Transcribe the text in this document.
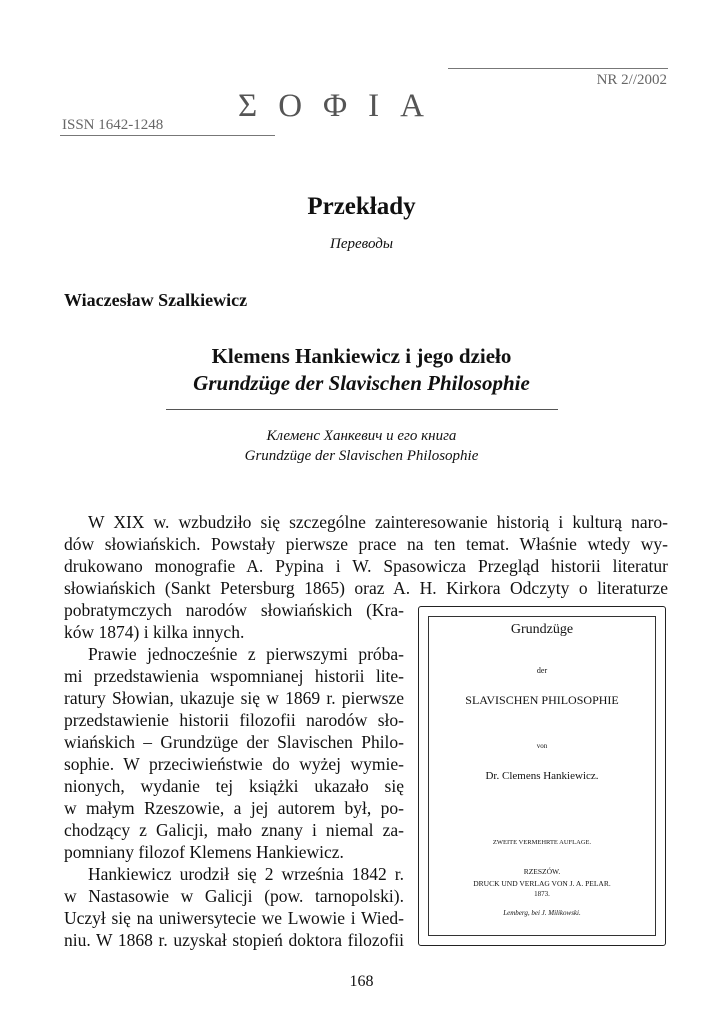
NR 2//2002
ΣΟΦΙΑ
ISSN 1642-1248
Przekłady
Переводы
Wiaczesław Szalkiewicz
Klemens Hankiewicz i jego dzieło
Grundzüge der Slavischen Philosophie
Клеменс Ханкевич и его книга
Grundzüge der Slavischen Philosophie
W XIX w. wzbudziło się szczególne zainteresowanie historią i kulturą naro-
dów słowiańskich. Powstały pierwsze prace na ten temat. Właśnie wtedy wy-
drukowano monografie A. Pypina i W. Spasowicza Przegląd historii literatur
słowiańskich (Sankt Petersburg 1865) oraz A. H. Kirkora Odczyty o literaturze
pobratymczych narodów słowiańskich (Kra-
ków 1874) i kilka innych.
Prawie jednocześnie z pierwszymi próba-
mi przedstawienia wspomnianej historii lite-
ratury Słowian, ukazuje się w 1869 r. pierwsze
przedstawienie historii filozofii narodów sło-
wiańskich – Grundzüge der Slavischen Philo-
sophie. W przeciwieństwie do wyżej wymie-
nionych, wydanie tej książki ukazało się
w małym Rzeszowie, a jej autorem był, po-
chodzący z Galicji, mało znany i niemal za-
pomniany filozof Klemens Hankiewicz.
Hankiewicz urodził się 2 września 1842 r.
w Nastasowie w Galicji (pow. tarnopolski).
Uczył się na uniwersytecie we Lwowie i Wied-
niu. W 1868 r. uzyskał stopień doktora filozofii
Grundzüge
der
SLAVISCHEN PHILOSOPHIE
von
Dr. Clemens Hankiewicz.
ZWEITE VERMEHRTE AUFLAGE.
RZESZÓW.
DRUCK UND VERLAG VON J. A. PELAR.
1873.
Lemberg, bei J. Milikowski.
168
